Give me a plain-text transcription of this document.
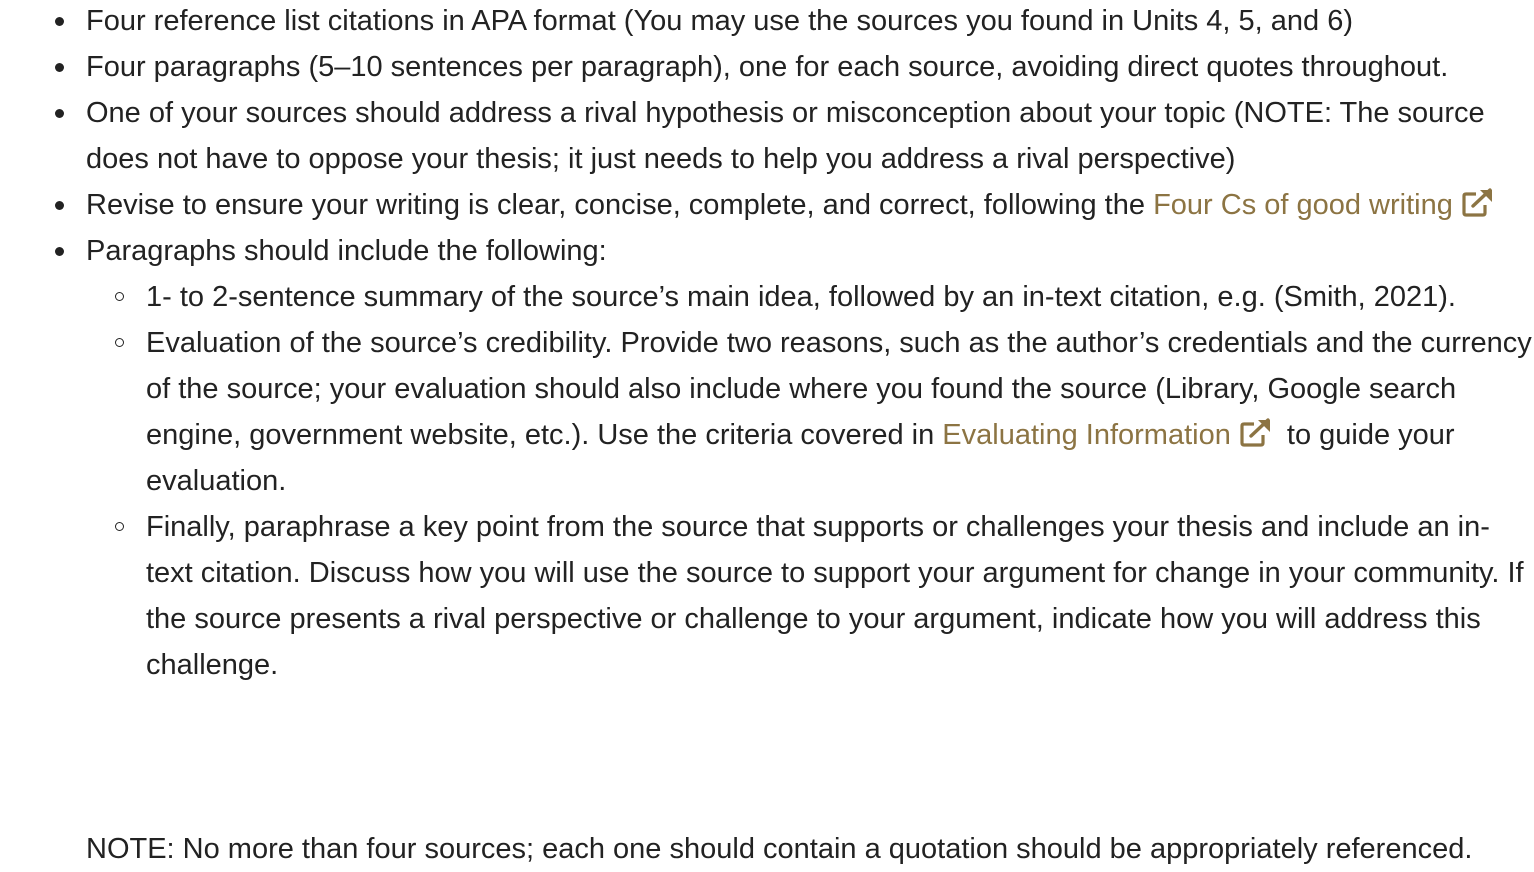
Four reference list citations in APA format (You may use the sources you found in Units 4, 5, and 6)
Four paragraphs (5–10 sentences per paragraph), one for each source, avoiding direct quotes throughout.
One of your sources should address a rival hypothesis or misconception about your topic (NOTE: The source does not have to oppose your thesis; it just needs to help you address a rival perspective)
Revise to ensure your writing is clear, concise, complete, and correct, following the Four Cs of good writing
Paragraphs should include the following:
1- to 2-sentence summary of the source’s main idea, followed by an in-text citation, e.g. (Smith, 2021).
Evaluation of the source’s credibility. Provide two reasons, such as the author’s credentials and the currency of the source; your evaluation should also include where you found the source (Library, Google search engine, government website, etc.). Use the criteria covered in Evaluating Information
to guide your evaluation.
Finally, paraphrase a key point from the source that supports or challenges your thesis and include an in-text citation. Discuss how you will use the source to support your argument for change in your community. If the source presents a rival perspective or challenge to your argument, indicate how you will address this challenge.
NOTE: No more than four sources; each one should contain a quotation should be appropriately referenced.
